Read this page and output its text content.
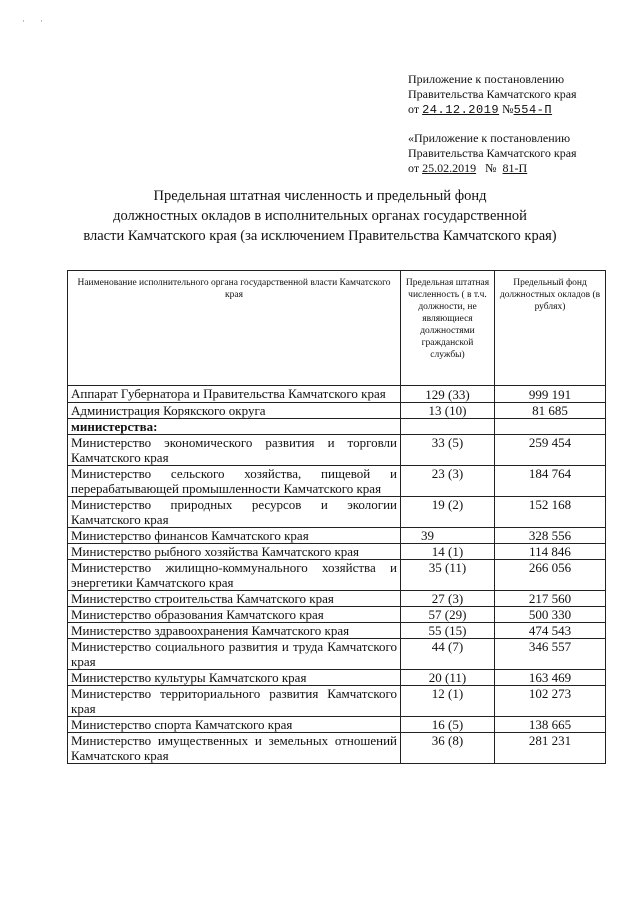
· ·
Приложение к постановлению
Правительства Камчатского края
от 24.12.2019 №554-П
«Приложение к постановлению
Правительства Камчатского края
от 25.02.2019 № 81-П
Предельная штатная численность и предельный фонд
должностных окладов в исполнительных органах государственной
власти Камчатского края (за исключением Правительства Камчатского края)
Наименование исполнительного органа государственной власти Камчатского края	Предельная штатная численность ( в т.ч. должности, не являющиеся должностями гражданской службы)	Предельный фонд должностных окладов (в рублях)
Аппарат Губернатора и Правительства Камчатского края	129 (33)	999 191
Администрация Корякского округа	13 (10)	81 685
министерства:		
Министерство экономического развития и торговли Камчатского края	33 (5)	259 454
Министерство сельского хозяйства, пищевой и перерабатывающей промышленности Камчатского края	23 (3)	184 764
Министерство природных ресурсов и экологии Камчатского края	19 (2)	152 168
Министерство финансов Камчатского края	39	328 556
Министерство рыбного хозяйства Камчатского края	14 (1)	114 846
Министерство жилищно-коммунального хозяйства и энергетики Камчатского края	35 (11)	266 056
Министерство строительства Камчатского края	27 (3)	217 560
Министерство образования Камчатского края	57 (29)	500 330
Министерство здравоохранения Камчатского края	55 (15)	474 543
Министерство социального развития и труда Камчатского края	44 (7)	346 557
Министерство культуры Камчатского края	20 (11)	163 469
Министерство территориального развития Камчатского края	12 (1)	102 273
Министерство спорта Камчатского края	16 (5)	138 665
Министерство имущественных и земельных отношений Камчатского края	36 (8)	281 231
